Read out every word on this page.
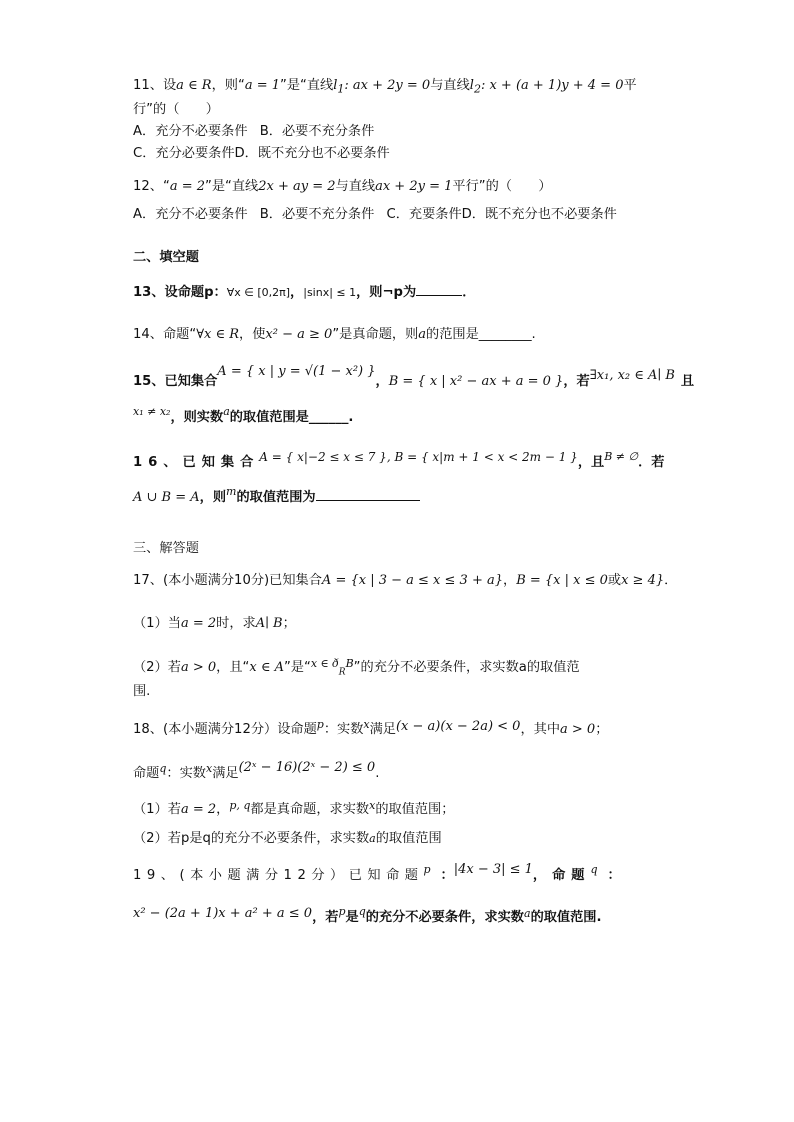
11、设a ∈ R，则“a = 1”是“直线$l_1$: ax + 2y = 0与直线$l_2$: x + (a + 1)y + 4 = 0平
行”的（　　）
A．充分不必要条件 B．必要不充分条件
C．充分必要条件D．既不充分也不必要条件
12、“a = 2”是“直线2x + ay = 2与直线ax + 2y = 1平行”的（　　）
A．充分不必要条件 B．必要不充分条件 C．充要条件D．既不充分也不必要条件
二、填空题
13、设命题p：∀x ∈ [0,2π]，|sinx| ≤ 1，则¬p为	．
14、命题“∀x ∈ R，使x² − a ≥ 0”是真命题，则a的范围是________.
15、已知集合A = { x | y = √(1 − x²) }，B = { x | x² − ax + a = 0 }，若∃x₁, x₂ ∈ A∣ B 且
$^{x_1 \ne x_2}$，则实数$^a$的取值范围是______.
16、已知集合A = { x|−2 ≤ x ≤ 7 }, B = { x|m + 1 < x < 2m − 1 }，且$^{B \ne \emptyset}$．若
A ∪ B = A，则$^m$的取值范围为
三、解答题
17、(本小题满分10分)已知集合A = {x | 3 − a ≤ x ≤ 3 + a}，B = {x | x ≤ 0或x ≥ 4}．
（1）当a = 2时，求A∣ B；
（2）若a > 0，且“x ∈ A”是“$^{x \in ð}_R^B$”的充分不必要条件，求实数a的取值范
围.
18、(本小题满分12分）设命题$^p$：实数$^x$满足(x − a)(x − 2a) < 0，其中a > 0；
命题$^q$：实数$^x$满足(2ˣ − 16)(2ˣ − 2) ≤ 0.
（1）若a = 2，$^{p, q}$都是真命题，求实数$^x$的取值范围；
（2）若p是q的充分不必要条件，求实数a的取值范围
19、(本小题满分12分）已知命题$^p$ ：|4x − 3| ≤ 1，命题$^q$ ：
x² − (2a + 1)x + a² + a ≤ 0，若$^p$是$^q$的充分不必要条件，求实数$^a$的取值范围.
